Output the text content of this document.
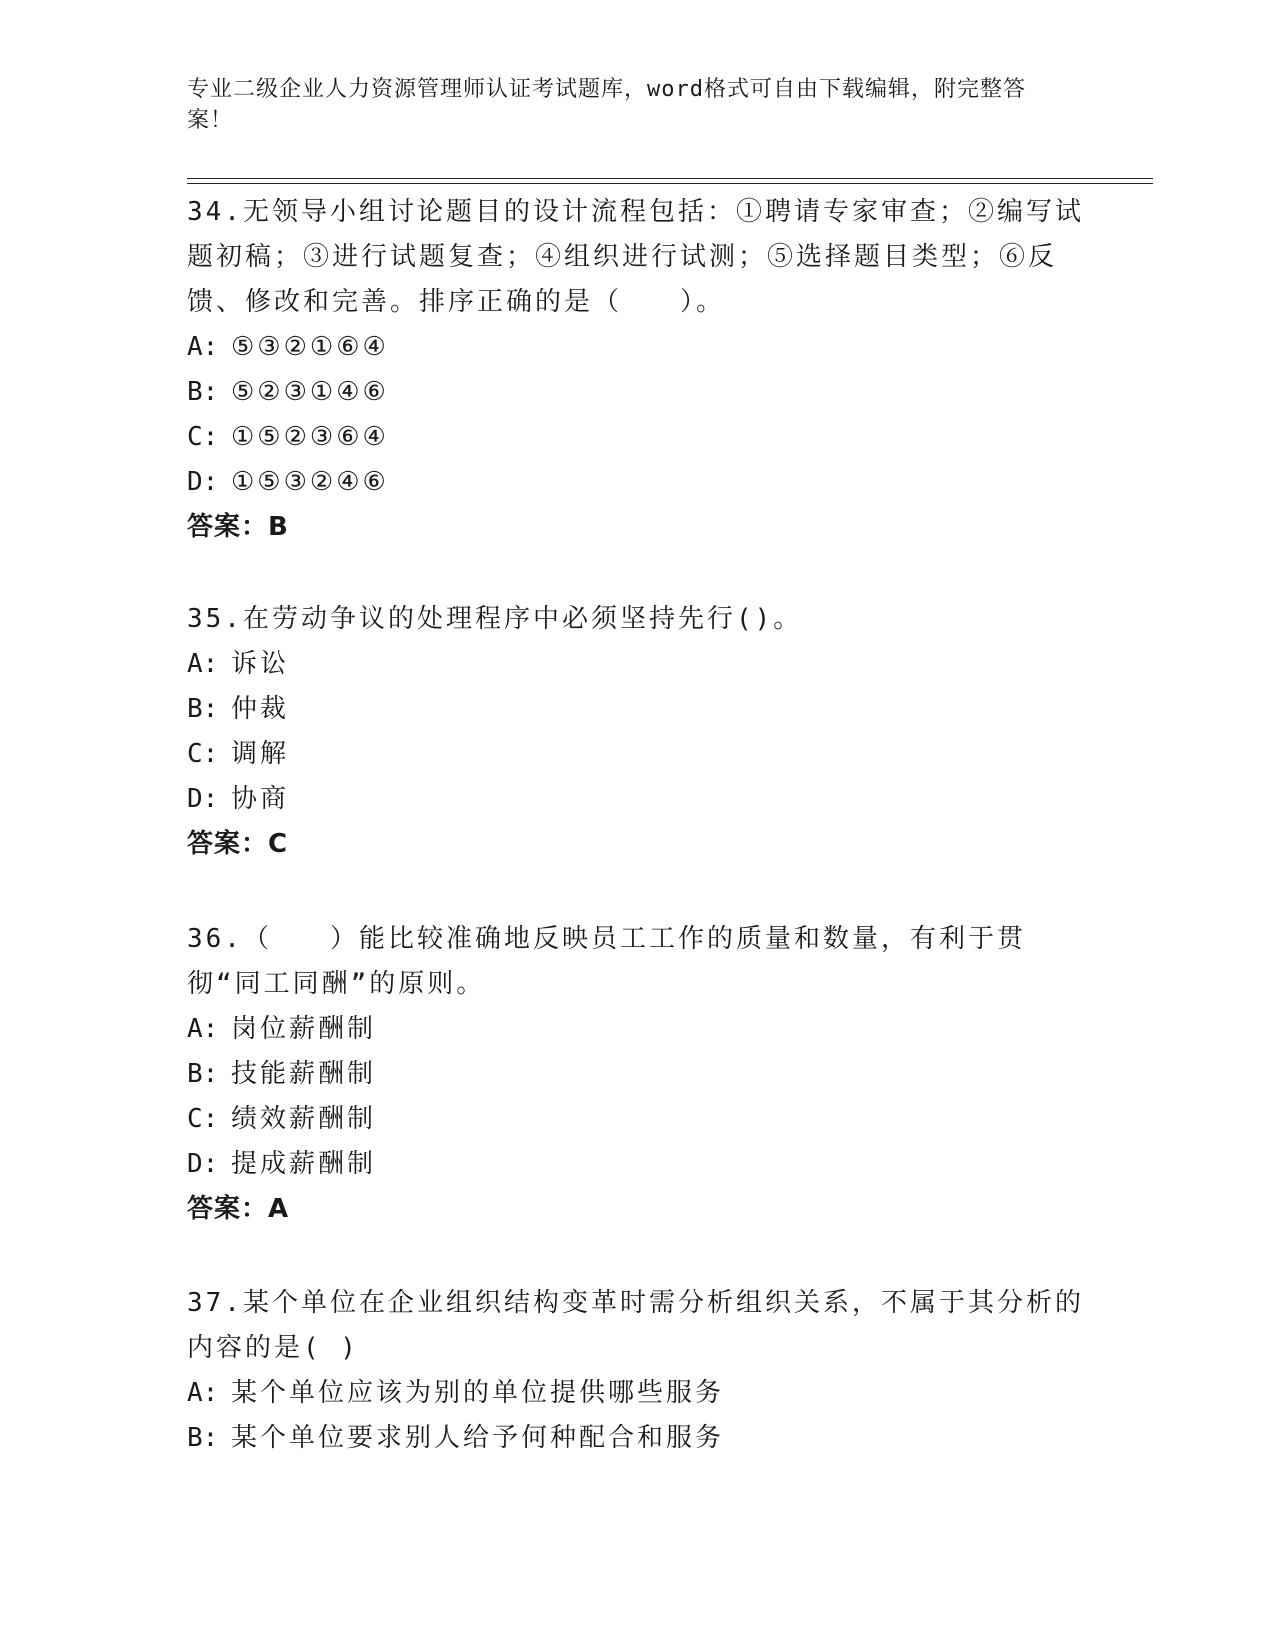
专业二级企业人力资源管理师认证考试题库，word格式可自由下载编辑，附完整答案！

34.无领导小组讨论题目的设计流程包括：①聘请专家审查；②编写试题初稿；③进行试题复查；④组织进行试测；⑤选择题目类型；⑥反馈、修改和完善。排序正确的是（　　）。

A: ⑤③②①⑥④

B: ⑤②③①④⑥

C: ①⑤②③⑥④

D: ①⑤③②④⑥

答案：B

35.在劳动争议的处理程序中必须坚持先行()。

A: 诉讼

B: 仲裁

C: 调解

D: 协商

答案：C

36.（　　）能比较准确地反映员工工作的质量和数量，有利于贯彻“同工同酬”的原则。

A: 岗位薪酬制

B: 技能薪酬制

C: 绩效薪酬制

D: 提成薪酬制

答案：A

37.某个单位在企业组织结构变革时需分析组织关系，不属于其分析的内容的是( )

A: 某个单位应该为别的单位提供哪些服务

B: 某个单位要求别人给予何种配合和服务
